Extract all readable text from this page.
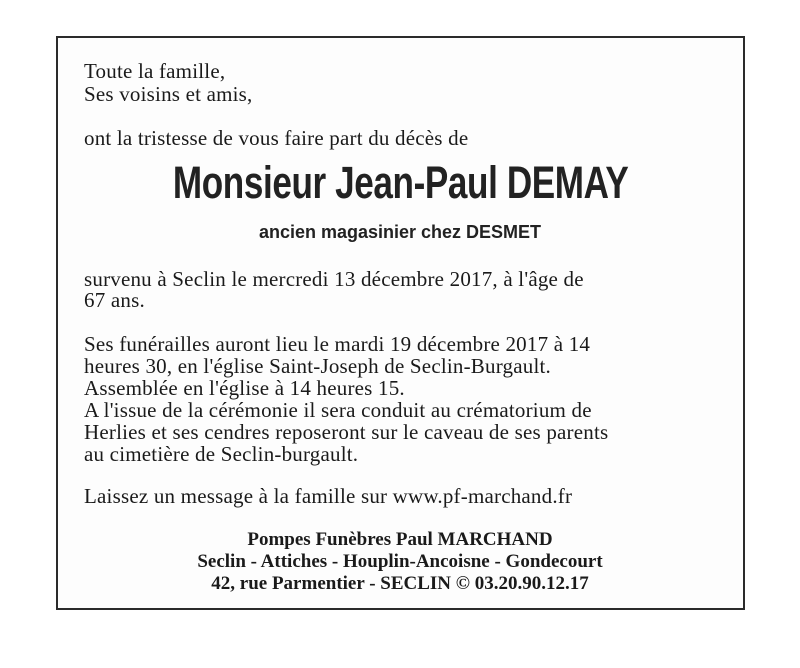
Toute la famille,
Ses voisins et amis,
ont la tristesse de vous faire part du décès de
Monsieur Jean-Paul DEMAY
ancien magasinier chez DESMET
survenu à Seclin le mercredi 13 décembre 2017, à l'âge de
67 ans.
Ses funérailles auront lieu le mardi 19 décembre 2017 à 14
heures 30, en l'église Saint-Joseph de Seclin-Burgault.
Assemblée en l'église à 14 heures 15.
A l'issue de la cérémonie il sera conduit au crématorium de
Herlies et ses cendres reposeront sur le caveau de ses parents
au cimetière de Seclin-burgault.
Laissez un message à la famille sur www.pf-marchand.fr
Pompes Funèbres Paul MARCHAND
Seclin - Attiches - Houplin-Ancoisne - Gondecourt
42, rue Parmentier - SECLIN © 03.20.90.12.17
